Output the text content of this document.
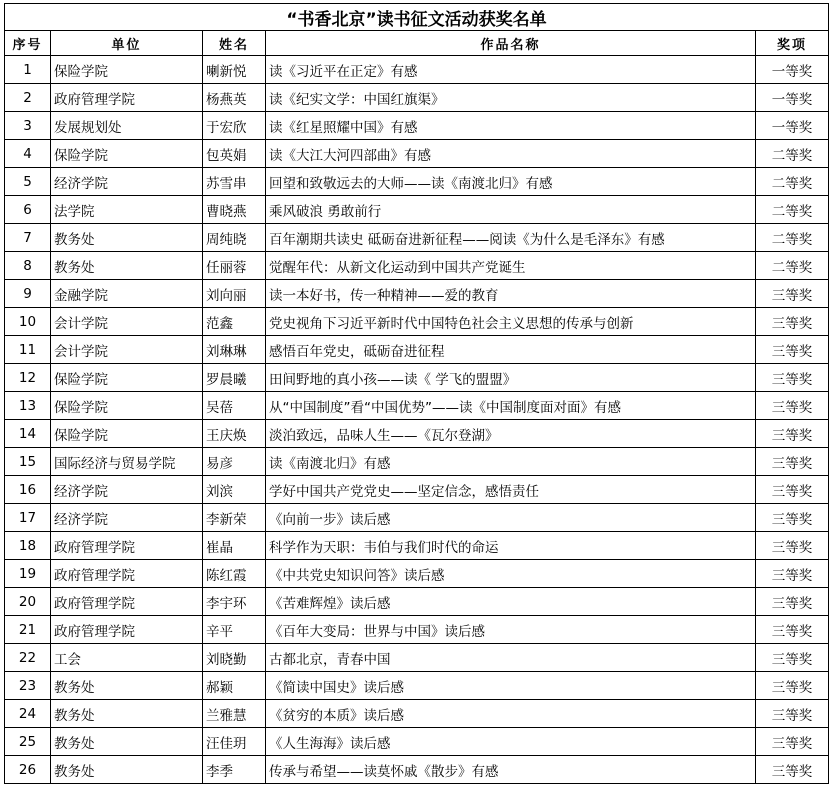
“书香北京”读书征文活动获奖名单				
序号	单位	姓名	作品名称	奖项
1	保险学院	喇新悦	读《习近平在正定》有感	一等奖
2	政府管理学院	杨燕英	读《纪实文学：中国红旗渠》	一等奖
3	发展规划处	于宏欣	读《红星照耀中国》有感	一等奖
4	保险学院	包英娟	读《大江大河四部曲》有感	二等奖
5	经济学院	苏雪串	回望和致敬远去的大师——读《南渡北归》有感	二等奖
6	法学院	曹晓燕	乘风破浪 勇敢前行	二等奖
7	教务处	周纯晓	百年潮期共读史 砥砺奋进新征程——阅读《为什么是毛泽东》有感	二等奖
8	教务处	任丽蓉	觉醒年代：从新文化运动到中国共产党诞生	二等奖
9	金融学院	刘向丽	读一本好书，传一种精神——爱的教育	三等奖
10	会计学院	范鑫	党史视角下习近平新时代中国特色社会主义思想的传承与创新	三等奖
11	会计学院	刘琳琳	感悟百年党史，砥砺奋进征程	三等奖
12	保险学院	罗晨曦	田间野地的真小孩——读《 学飞的盟盟》	三等奖
13	保险学院	吴蓓	从“中国制度”看“中国优势”——读《中国制度面对面》有感	三等奖
14	保险学院	王庆焕	淡泊致远，品味人生——《瓦尔登湖》	三等奖
15	国际经济与贸易学院	易彦	读《南渡北归》有感	三等奖
16	经济学院	刘滨	学好中国共产党党史——坚定信念，感悟责任	三等奖
17	经济学院	李新荣	《向前一步》读后感	三等奖
18	政府管理学院	崔晶	科学作为天职：韦伯与我们时代的命运	三等奖
19	政府管理学院	陈红霞	《中共党史知识问答》读后感	三等奖
20	政府管理学院	李宇环	《苦难辉煌》读后感	三等奖
21	政府管理学院	辛平	《百年大变局：世界与中国》读后感	三等奖
22	工会	刘晓勤	古都北京，青春中国	三等奖
23	教务处	郝颖	《简读中国史》读后感	三等奖
24	教务处	兰雅慧	《贫穷的本质》读后感	三等奖
25	教务处	汪佳玥	《人生海海》读后感	三等奖
26	教务处	李季	传承与希望——读莫怀戚《散步》有感	三等奖
